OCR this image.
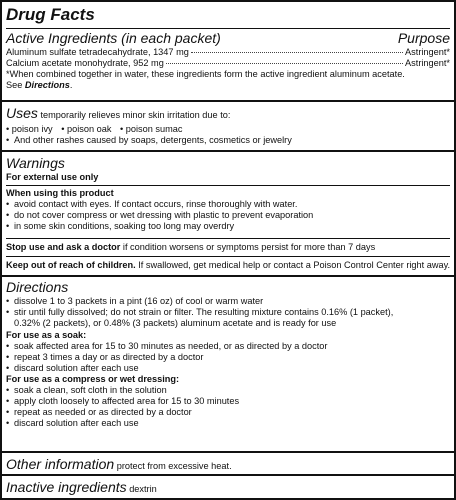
Drug Facts
Active Ingredients (in each packet)	Purpose
Aluminum sulfate tetradecahydrate, 1347 mg	Astringent*
Calcium acetate monohydrate, 952 mg	Astringent*
*When combined together in water, these ingredients form the active ingredient aluminum acetate.
See Directions.
Uses temporarily relieves minor skin irritation due to:
• poison ivy • poison oak • poison sumac
• And other rashes caused by soaps, detergents, cosmetics or jewelry
Warnings
For external use only
When using this product
• avoid contact with eyes. If contact occurs, rinse thoroughly with water.
• do not cover compress or wet dressing with plastic to prevent evaporation
• in some skin conditions, soaking too long may overdry
Stop use and ask a doctor if condition worsens or symptoms persist for more than 7 days
Keep out of reach of children. If swallowed, get medical help or contact a Poison Control Center right away.
Directions
• dissolve 1 to 3 packets in a pint (16 oz) of cool or warm water
• stir until fully dissolved; do not strain or filter. The resulting mixture contains 0.16% (1 packet),
0.32% (2 packets), or 0.48% (3 packets) aluminum acetate and is ready for use
For use as a soak:
• soak affected area for 15 to 30 minutes as needed, or as directed by a doctor
• repeat 3 times a day or as directed by a doctor
• discard solution after each use
For use as a compress or wet dressing:
• soak a clean, soft cloth in the solution
• apply cloth loosely to affected area for 15 to 30 minutes
• repeat as needed or as directed by a doctor
• discard solution after each use
Other information protect from excessive heat.
Inactive ingredients dextrin
